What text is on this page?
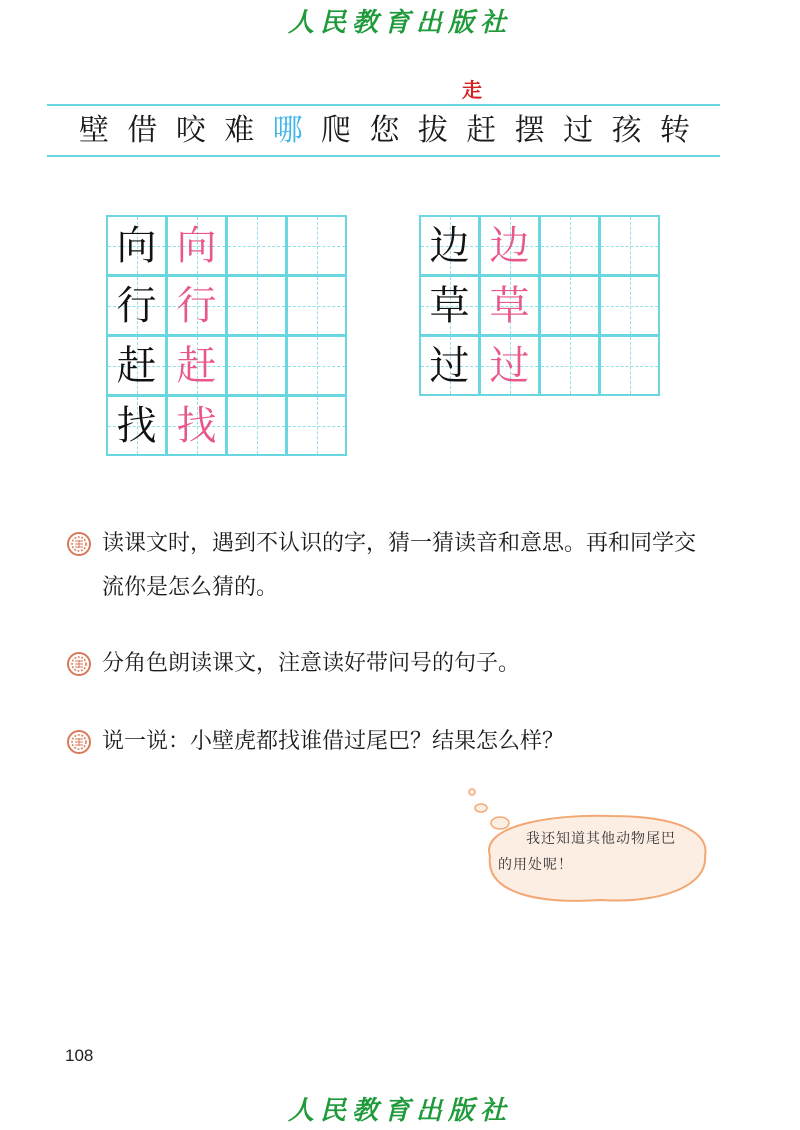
人民教育出版社
走
壁 借 咬 难 哪 爬 您 拔 赶 摆 过 孩 转
向 向
行 行
赶 赶
找 找
边 边
草 草
过 过
读课文时，遇到不认识的字，猜一猜读音和意思。再和同学交流你是怎么猜的。
分角色朗读课文，注意读好带问号的句子。
说一说：小壁虎都找谁借过尾巴？结果怎么样？
我还知道其他动物尾巴的用处呢！
108
人民教育出版社
